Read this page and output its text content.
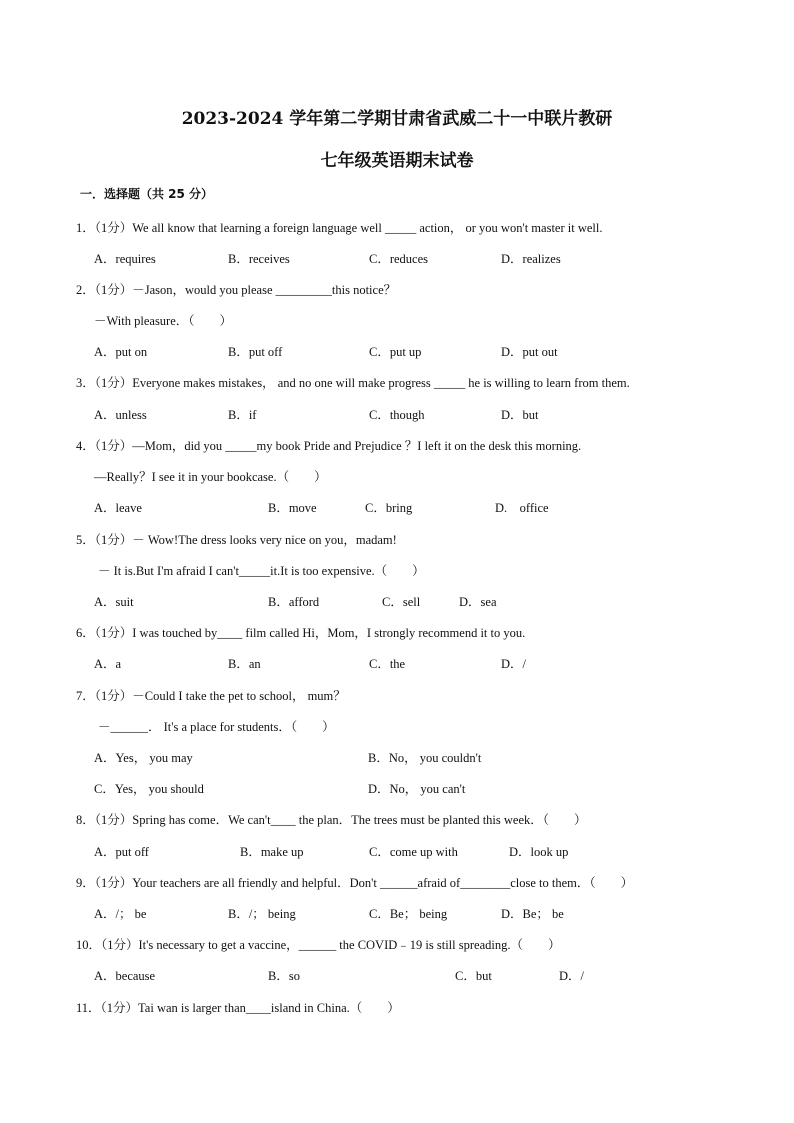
2023-2024 学年第二学期甘肃省武威二十一中联片教研
七年级英语期末试卷
一．选择题（共 25 分）
1．（1分）We all know that learning a foreign language well _____ action， or you won't master it well.
A．requires	B．receives	C．reduces	D．realizes
2．（1分）－Jason，would you please _________this notice？
－With pleasure．（　　）
A．put on	B．put off	C．put up	D．put out
3．（1分）Everyone makes mistakes， and no one will make progress _____ he is willing to learn from them.
A．unless	B．if	C．though	D．but
4．（1分）—Mom，did you _____my book Pride and Prejudice ？I left it on the desk this morning.
—Really？I see it in your bookcase.（　　）
A．leave	B．move	C．bring	D.　office
5．（1分）－ Wow!The dress looks very nice on you，madam!
－ It is.But I'm afraid I can't_____it.It is too expensive.（　　）
A．suit	B．afford	C．sell	D．sea
6．（1分）I was touched by____ film called Hi，Mom，I strongly recommend it to you.
A．a	B．an	C．the	D．/
7．（1分）－Could I take the pet to school， mum？
－______． It's a place for students．（　　）
A．Yes， you may	B．No， you couldn't
C．Yes， you should	D．No， you can't
8．（1分）Spring has come．We can't____ the plan．The trees must be planted this week．（　　）
A．put off	B．make up	C．come up with	D．look up
9．（1分）Your teachers are all friendly and helpful．Don't ______afraid of________close to them．（　　）
A．/； be	B．/； being	C．Be； being	D．Be； be
10．（1分）It's necessary to get a vaccine，______ the COVID﹣19 is still spreading.（　　）
A．because	B．so	C．but	D．/
11．（1分）Tai wan is larger than____island in China.（　　）
